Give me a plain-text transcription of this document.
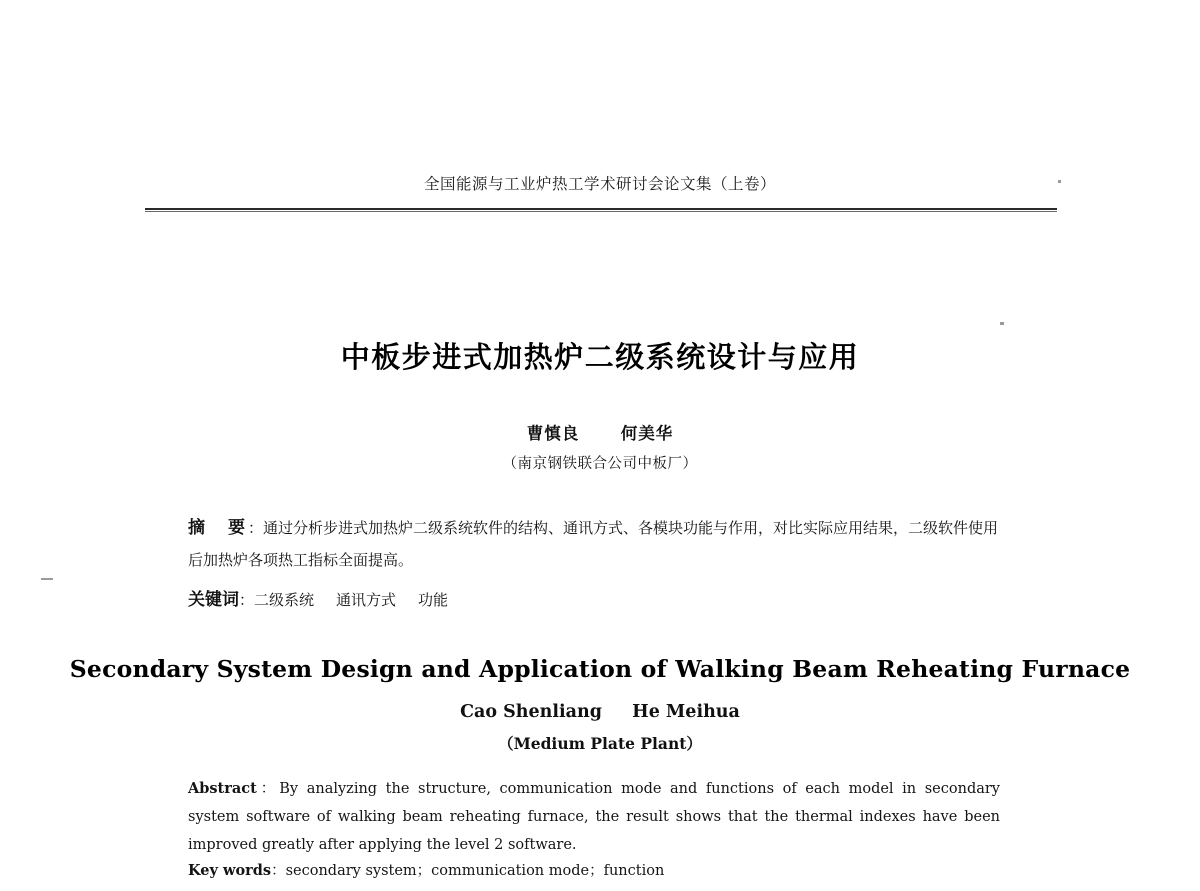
全国能源与工业炉热工学术研讨会论文集（上卷）
中板步进式加热炉二级系统设计与应用
曹慎良	何美华
（南京钢铁联合公司中板厂）
摘　要：通过分析步进式加热炉二级系统软件的结构、通讯方式、各模块功能与作用，对比实际应用结果，二级软件使用后加热炉各项热工指标全面提高。
关键词：二级系统 通讯方式 功能
Secondary System Design and Application of Walking Beam Reheating Furnace
Cao Shenliang He Meihua
（Medium Plate Plant）
Abstract：By analyzing the structure, communication mode and functions of each model in secondary system software of walking beam reheating furnace, the result shows that the thermal indexes have been improved greatly after applying the level 2 software.
Key words：secondary system；communication mode；function
